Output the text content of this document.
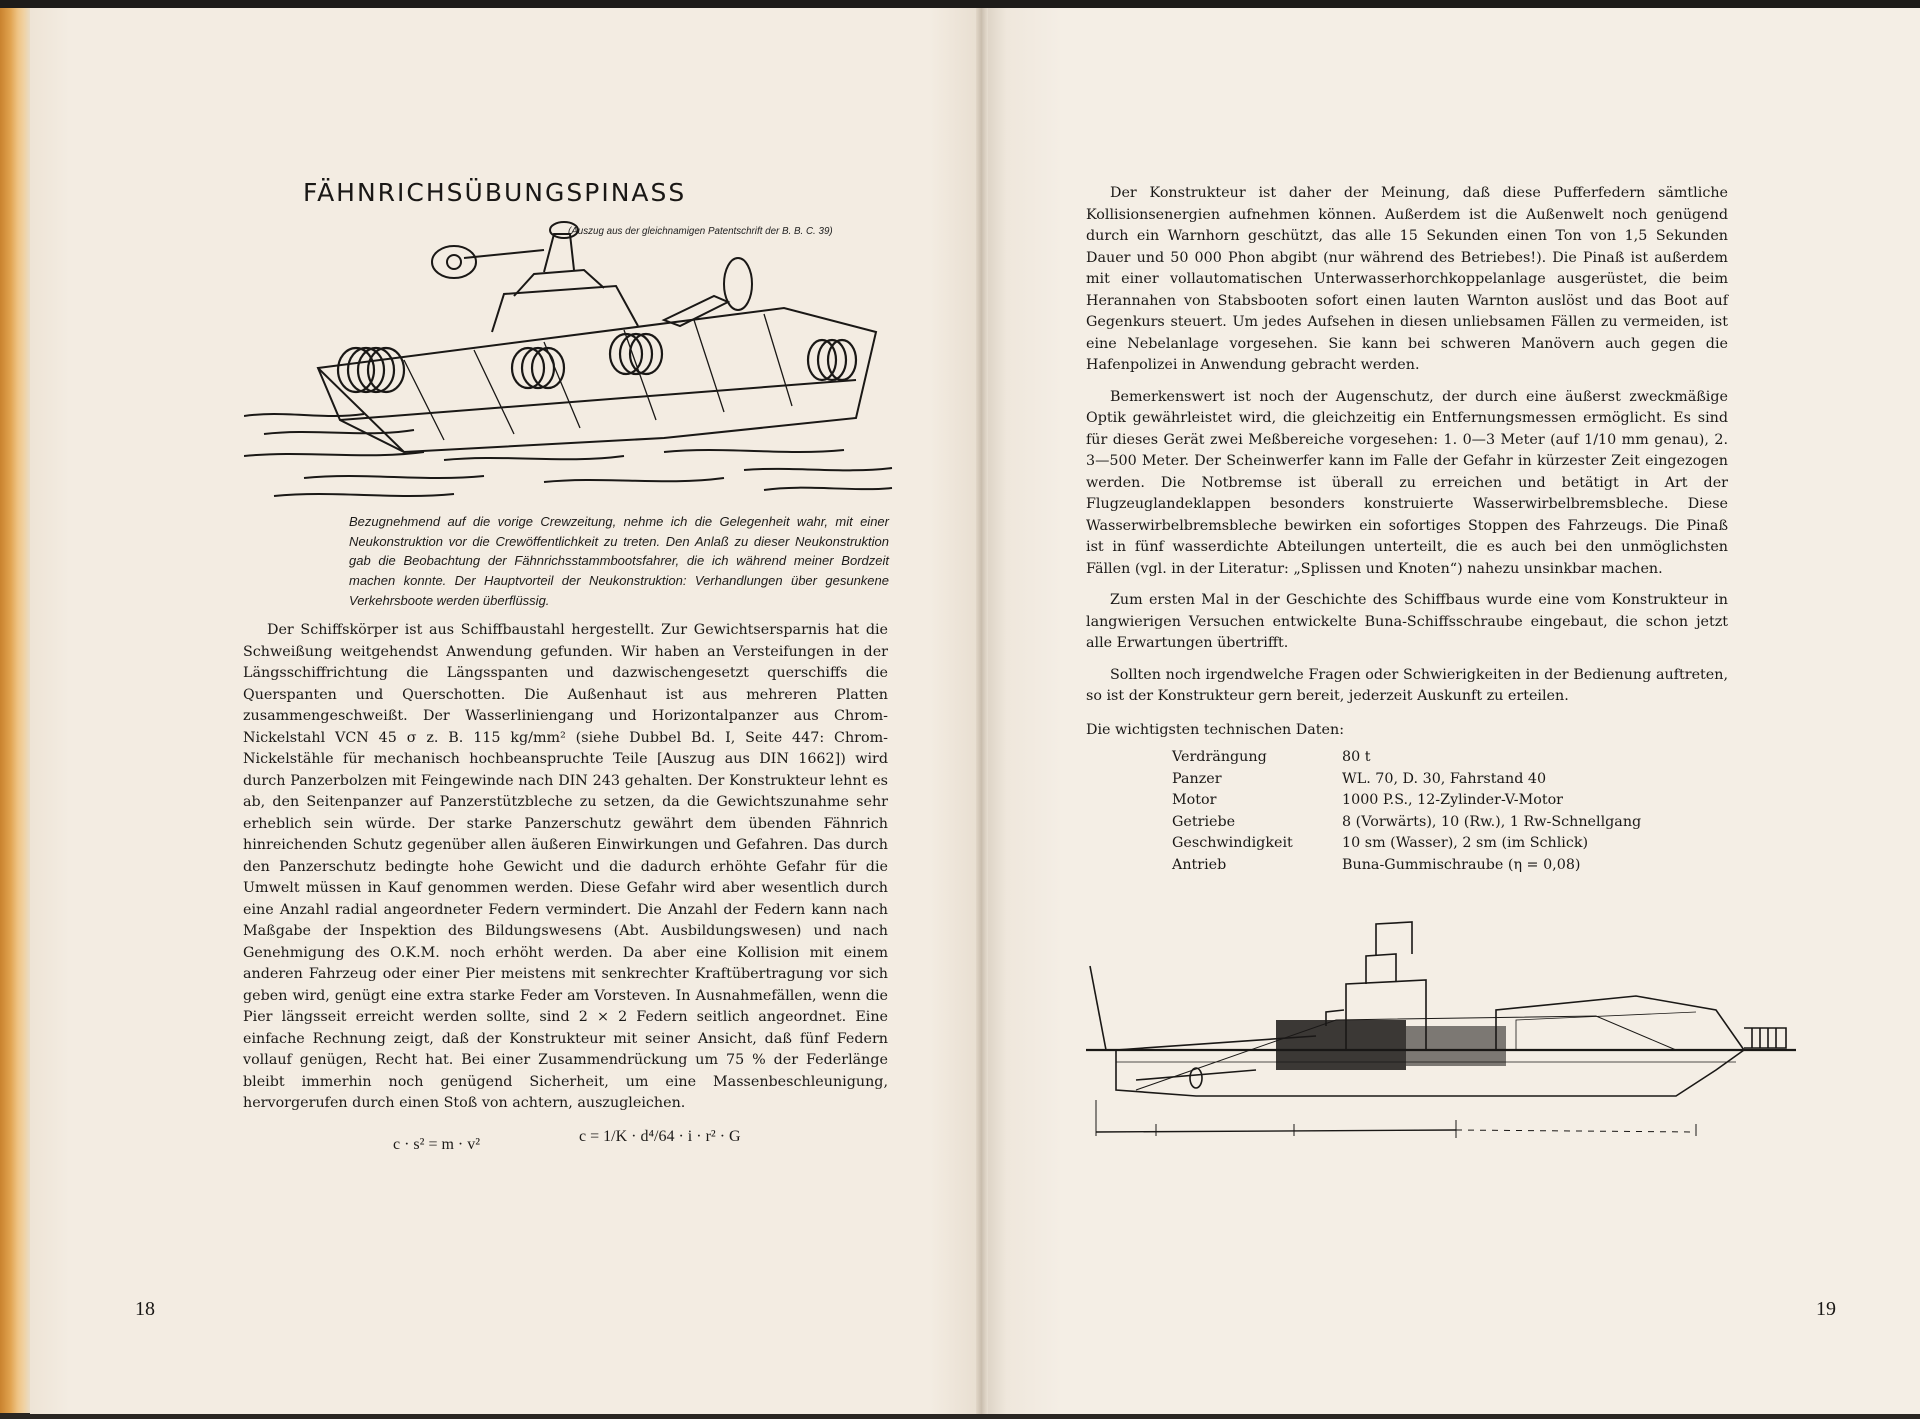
FÄHNRICHSÜBUNGSPINASS
(Auszug aus der gleichnamigen Patentschrift der B. B. C. 39)
Bezugnehmend auf die vorige Crewzeitung, nehme ich die Gelegenheit wahr, mit einer Neukonstruktion vor die Crewöffentlichkeit zu treten. Den Anlaß zu dieser Neukonstruktion gab die Beobachtung der Fähnrichsstammbootsfahrer, die ich während meiner Bordzeit machen konnte. Der Hauptvorteil der Neukonstruktion: Verhandlungen über gesunkene Verkehrsboote werden überflüssig.

Der Schiffskörper ist aus Schiffbaustahl hergestellt. Zur Gewichtsersparnis hat die Schweißung weitgehendst Anwendung gefunden. Wir haben an Versteifungen in der Längsschiffrichtung die Längsspanten und dazwischengesetzt querschiffs die Querspanten und Querschotten. Die Außenhaut ist aus mehreren Platten zusammengeschweißt. Der Wasserliniengang und Horizontalpanzer aus Chrom-Nickelstahl VCN 45 σ z. B. 115 kg/mm² (siehe Dubbel Bd. I, Seite 447: Chrom-Nickelstähle für mechanisch hochbeanspruchte Teile [Auszug aus DIN 1662]) wird durch Panzerbolzen mit Feingewinde nach DIN 243 gehalten. Der Konstrukteur lehnt es ab, den Seitenpanzer auf Panzerstützbleche zu setzen, da die Gewichtszunahme sehr erheblich sein würde. Der starke Panzerschutz gewährt dem übenden Fähnrich hinreichenden Schutz gegenüber allen äußeren Einwirkungen und Gefahren. Das durch den Panzerschutz bedingte hohe Gewicht und die dadurch erhöhte Gefahr für die Umwelt müssen in Kauf genommen werden. Diese Gefahr wird aber wesentlich durch eine Anzahl radial angeordneter Federn vermindert. Die Anzahl der Federn kann nach Maßgabe der Inspektion des Bildungswesens (Abt. Ausbildungswesen) und nach Genehmigung des O.K.M. noch erhöht werden. Da aber eine Kollision mit einem anderen Fahrzeug oder einer Pier meistens mit senkrechter Kraftübertragung vor sich geben wird, genügt eine extra starke Feder am Vorsteven. In Ausnahmefällen, wenn die Pier längsseit erreicht werden sollte, sind 2 × 2 Federn seitlich angeordnet. Eine einfache Rechnung zeigt, daß der Konstrukteur mit seiner Ansicht, daß fünf Federn vollauf genügen, Recht hat. Bei einer Zusammendrückung um 75 % der Federlänge bleibt immerhin noch genügend Sicherheit, um eine Massenbeschleunigung, hervorgerufen durch einen Stoß von achtern, auszugleichen.

c · s² = m · v²	c = 1/K · d⁴/64 · i · r² · G
18

Der Konstrukteur ist daher der Meinung, daß diese Pufferfedern sämtliche Kollisionsenergien aufnehmen können. Außerdem ist die Außenwelt noch genügend durch ein Warnhorn geschützt, das alle 15 Sekunden einen Ton von 1,5 Sekunden Dauer und 50 000 Phon abgibt (nur während des Betriebes!). Die Pinaß ist außerdem mit einer vollautomatischen Unterwasserhorchkoppelanlage ausgerüstet, die beim Herannahen von Stabsbooten sofort einen lauten Warnton auslöst und das Boot auf Gegenkurs steuert. Um jedes Aufsehen in diesen unliebsamen Fällen zu vermeiden, ist eine Nebelanlage vorgesehen. Sie kann bei schweren Manövern auch gegen die Hafenpolizei in Anwendung gebracht werden.

Bemerkenswert ist noch der Augenschutz, der durch eine äußerst zweckmäßige Optik gewährleistet wird, die gleichzeitig ein Entfernungsmessen ermöglicht. Es sind für dieses Gerät zwei Meßbereiche vorgesehen: 1. 0—3 Meter (auf 1/10 mm genau), 2. 3—500 Meter. Der Scheinwerfer kann im Falle der Gefahr in kürzester Zeit eingezogen werden. Die Notbremse ist überall zu erreichen und betätigt in Art der Flugzeuglandeklappen besonders konstruierte Wasserwirbelbremsbleche. Diese Wasserwirbelbremsbleche bewirken ein sofortiges Stoppen des Fahrzeugs. Die Pinaß ist in fünf wasserdichte Abteilungen unterteilt, die es auch bei den unmöglichsten Fällen (vgl. in der Literatur: „Splissen und Knoten“) nahezu unsinkbar machen.

Zum ersten Mal in der Geschichte des Schiffbaus wurde eine vom Konstrukteur in langwierigen Versuchen entwickelte Buna-Schiffsschraube eingebaut, die schon jetzt alle Erwartungen übertrifft.

Sollten noch irgendwelche Fragen oder Schwierigkeiten in der Bedienung auftreten, so ist der Konstrukteur gern bereit, jederzeit Auskunft zu erteilen.

Die wichtigsten technischen Daten:
Verdrängung	80 t
Panzer	WL. 70, D. 30, Fahrstand 40
Motor	1000 P.S., 12-Zylinder-V-Motor
Getriebe	8 (Vorwärts), 10 (Rw.), 1 Rw-Schnellgang
Geschwindigkeit	10 sm (Wasser), 2 sm (im Schlick)
Antrieb	Buna-Gummischraube (η = 0,08)
19
